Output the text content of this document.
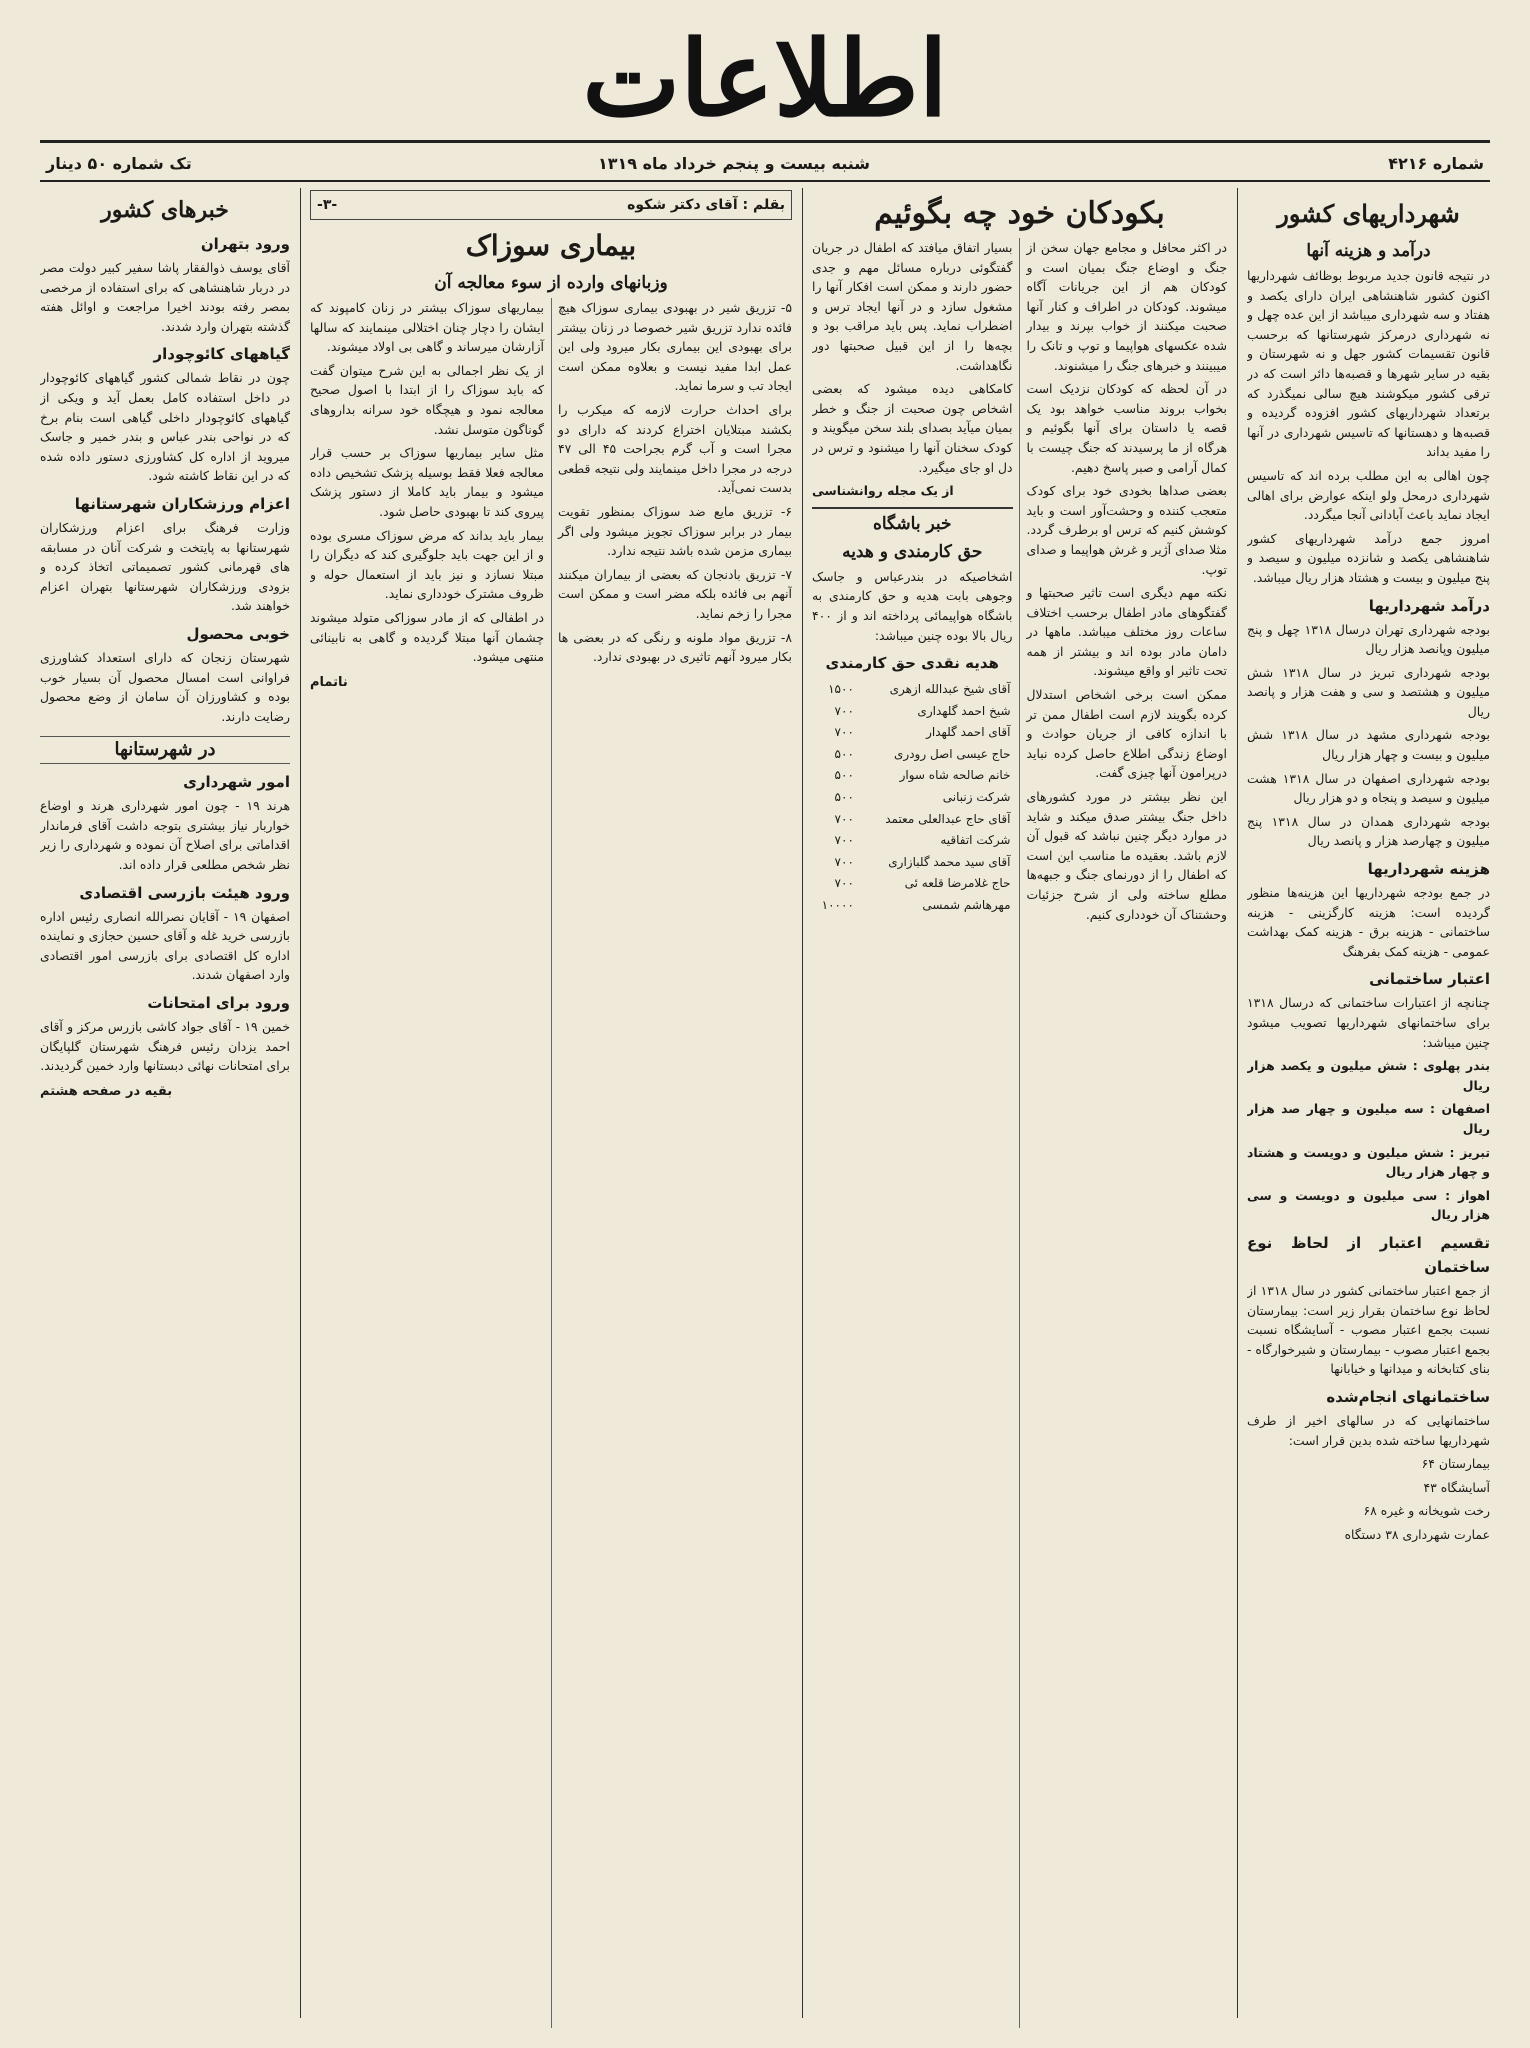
اطلاعات
شماره ۴۲۱۶
شنبه بیست و پنجم خرداد ماه ۱۳۱۹
تک شماره ۵۰ دینار
شهرداریهای کشور
درآمد و هزینه آنها

در نتیجه قانون جدید مربوط بوظائف شهرداریها اکنون کشور شاهنشاهی ایران دارای یکصد و هفتاد و سه شهرداری میباشد از این عده چهل و نه شهرداری درمرکز شهرستانها که برحسب قانون تقسیمات کشور جهل و نه شهرستان و بقیه در سایر شهرها و قصبه‌ها دائر است که در ترقی کشور میکوشند هیچ سالی نمیگذرد که برتعداد شهرداریهای کشور افزوده گردیده و قصبه‌ها و دهستانها که تاسیس شهرداری در آنها را مفید بداند

چون اهالی به این مطلب برده اند که تاسیس شهرداری درمحل ولو اینکه عوارض برای اهالی ایجاد نماید باعث آبادانی آنجا میگردد.

امروز جمع درآمد شهرداریهای کشور شاهنشاهی یکصد و شانزده میلیون و سیصد و پنج میلیون و بیست و هشتاد هزار ریال میباشد.

درآمد شهرداریها

بودجه شهرداری تهران درسال ۱۳۱۸ چهل و پنج میلیون وپانصد هزار ریال

بودجه شهرداری تبریز در سال ۱۳۱۸ شش میلیون و هشتصد و سی و هفت هزار و پانصد ریال

بودجه شهرداری مشهد در سال ۱۳۱۸ شش میلیون و بیست و چهار هزار ریال

بودجه شهرداری اصفهان در سال ۱۳۱۸ هشت میلیون و سیصد و پنجاه و دو هزار ریال

بودجه شهرداری همدان در سال ۱۳۱۸ پنج میلیون و چهارصد هزار و پانصد ریال

هزینه شهرداریها

در جمع بودجه شهرداریها این هزینه‌ها منظور گردیده است: هزینه کارگزینی - هزینه ساختمانی - هزینه برق - هزینه کمک بهداشت عمومی - هزینه کمک بفرهنگ

اعتبار ساختمانی

چنانچه از اعتبارات ساختمانی که درسال ۱۳۱۸ برای ساختمانهای شهرداریها تصویب میشود چنین میباشد:

بندر پهلوی : شش میلیون و یکصد هزار ریال

اصفهان : سه میلیون و چهار صد هزار ریال

تبریز : شش میلیون و دویست و هشتاد و چهار هزار ریال

اهواز : سی میلیون و دویست و سی هزار ریال

تقسیم اعتبار از لحاظ نوع ساختمان

از جمع اعتبار ساختمانی کشور در سال ۱۳۱۸ از لحاظ نوع ساختمان بقرار زیر است: بیمارستان نسبت بجمع اعتبار مصوب - آسایشگاه نسبت بجمع اعتبار مصوب - بیمارستان و شیرخوارگاه - بنای کتابخانه و میدانها و خیابانها

ساختمانهای انجام‌شده

ساختمانهایی که در سالهای اخیر از طرف شهرداریها ساخته شده بدین قرار است:

بیمارستان ۶۴

آسایشگاه ۴۳

رخت شویخانه و غیره ۶۸

عمارت شهرداری ۳۸ دستگاه

بکودکان خود چه بگوئیم

در اکثر محافل و مجامع جهان سخن از جنگ و اوضاع جنگ بمیان است و کودکان هم از این جریانات آگاه میشوند. کودکان در اطراف و کنار آنها صحبت میکنند از خواب بپرند و بیدار شده عکسهای هواپیما و توپ و تانک را میبینند و خبرهای جنگ را میشنوند.

در آن لحظه که کودکان نزدیک است بخواب بروند مناسب خواهد بود یک قصه یا داستان برای آنها بگوئیم و هرگاه از ما پرسیدند که جنگ چیست با کمال آرامی و صبر پاسخ دهیم.

بعضی صداها بخودی خود برای کودک متعجب کننده و وحشت‌آور است و باید کوشش کنیم که ترس او برطرف گردد. مثلا صدای آژیر و غرش هواپیما و صدای توپ.

نکته مهم دیگری است تاثیر صحبتها و گفتگوهای مادر اطفال برحسب اختلاف ساعات روز مختلف میباشد. ماهها در دامان مادر بوده اند و بیشتر از همه تحت تاثیر او واقع میشوند.

ممکن است برخی اشخاص استدلال کرده بگویند لازم است اطفال ممن تر با اندازه کافی از جریان حوادث و اوضاع زندگی اطلاع حاصل کرده نباید درپرامون آنها چیزی گفت.

این نظر بیشتر در مورد کشورهای داخل جنگ بیشتر صدق میکند و شاید در موارد دیگر چنین نباشد که قبول آن لازم باشد. بعقیده ما مناسب این است که اطفال را از دورنمای جنگ و جبهه‌ها مطلع ساخته ولی از شرح جزئیات وحشتناک آن خودداری کنیم.

بسیار اتفاق میافتد که اطفال در جریان گفتگوئی درباره مسائل مهم و جدی حضور دارند و ممکن است افکار آنها را مشغول سازد و در آنها ایجاد ترس و اضطراب نماید. پس باید مراقب بود و بچه‌ها را از این قبیل صحبتها دور نگاهداشت.

کامکاهی دیده میشود که بعضی اشخاص چون صحبت از جنگ و خطر بمیان میآید بصدای بلند سخن میگویند و کودک سخنان آنها را میشنود و ترس در دل او جای میگیرد.

از یک مجله روانشناسی

خبر باشگاه
حق کارمندی و هدیه

اشخاصیکه در بندرعباس و جاسک وجوهی بابت هدیه و حق کارمندی به باشگاه هواپیمائی پرداخته اند و از ۴۰۰ ریال بالا بوده چنین میباشد:

هدیه نقدی حق کارمندی
آقای شیخ عبدالله ازهری	۱۵۰۰
شیخ احمد گلهداری	۷۰۰
آقای احمد گلهدار	۷۰۰
حاج عیسی اصل رودری	۵۰۰
خانم صالحه شاه سوار	۵۰۰
شرکت زنبانی	۵۰۰
آقای حاج عبدالعلی معتمد	۷۰۰
شرکت اتفاقیه	۷۰۰
آقای سید محمد گلبازاری	۷۰۰
حاج غلامرضا قلعه ئی	۷۰۰
مهرهاشم شمسی	۱۰۰۰۰
بقلم : آقای دکتر شکوه
-۳-
بیماری سوزاک
وزبانهای وارده از سوء معالجه آن

۵- تزریق شیر در بهبودی بیماری سوزاک هیچ فائده ندارد تزریق شیر خصوصا در زنان بیشتر برای بهبودی این بیماری بکار میرود ولی این عمل ابدا مفید نیست و بعلاوه ممکن است ایجاد تب و سرما نماید.

برای احداث حرارت لازمه که میکرب را بکشند مبتلایان اختراع کردند که دارای دو مجرا است و آب گرم بجراحت ۴۵ الی ۴۷ درجه در مجرا داخل مینمایند ولی نتیجه قطعی بدست نمی‌آید.

۶- تزریق مایع ضد سوزاک بمنظور تقویت بیمار در برابر سوزاک تجویز میشود ولی اگر بیماری مزمن شده باشد نتیجه ندارد.

۷- تزریق بادنجان که بعضی از بیماران میکنند آنهم بی فائده بلکه مضر است و ممکن است مجرا را زخم نماید.

۸- تزریق مواد ملونه و رنگی که در بعضی ها بکار میرود آنهم تاثیری در بهبودی ندارد.

بیماریهای سوزاک بیشتر در زنان کامپوند که ایشان را دچار چنان اختلالی مینمایند که سالها آزارشان میرساند و گاهی بی اولاد میشوند.

از یک نظر اجمالی به این شرح میتوان گفت که باید سوزاک را از ابتدا با اصول صحیح معالجه نمود و هیچگاه خود سرانه بداروهای گوناگون متوسل نشد.

مثل سایر بیماریها سوزاک بر حسب قرار معالجه فعلا فقط بوسیله پزشک تشخیص داده میشود و بیمار باید کاملا از دستور پزشک پیروی کند تا بهبودی حاصل شود.

بیمار باید بداند که مرض سوزاک مسری بوده و از این جهت باید جلوگیری کند که دیگران را مبتلا نسازد و نیز باید از استعمال حوله و ظروف مشترک خودداری نماید.

در اطفالی که از مادر سوزاکی متولد میشوند چشمان آنها مبتلا گردیده و گاهی به نابینائی منتهی میشود.

ناتمام

خبرهای کشور
ورود بتهران

آقای یوسف ذوالفقار پاشا سفیر کبیر دولت مصر در دربار شاهنشاهی که برای استفاده از مرخصی بمصر رفته بودند اخیرا مراجعت و اوائل هفته گذشته بتهران وارد شدند.

گیاههای کائوچودار

چون در نقاط شمالی کشور گیاههای کائوچودار در داخل استفاده کامل بعمل آید و ویکی از گیاههای کائوچودار داخلی گیاهی است بنام برخ که در نواحی بندر عباس و بندر خمیر و جاسک میروید از اداره کل کشاورزی دستور داده شده که در این نقاط کاشته شود.

اعزام ورزشکاران شهرستانها

وزارت فرهنگ برای اعزام ورزشکاران شهرستانها به پایتخت و شرکت آنان در مسابقه های قهرمانی کشور تصمیماتی اتخاذ کرده و بزودی ورزشکاران شهرستانها بتهران اعزام خواهند شد.

خوبی محصول

شهرستان زنجان که دارای استعداد کشاورزی فراوانی است امسال محصول آن بسیار خوب بوده و کشاورزان آن سامان از وضع محصول رضایت دارند.

در شهرستانها
امور شهرداری

هرند ۱۹ - چون امور شهرداری هرند و اوضاع خواربار نیاز بیشتری بتوجه داشت آقای فرماندار اقداماتی برای اصلاح آن نموده و شهرداری را زیر نظر شخص مطلعی قرار داده اند.

ورود هیئت بازرسی اقتصادی

اصفهان ۱۹ - آقایان نصرالله انصاری رئیس اداره بازرسی خرید غله و آقای حسین حجازی و نماینده اداره کل اقتصادی برای بازرسی امور اقتصادی وارد اصفهان شدند.

ورود برای امتحانات

خمین ۱۹ - آقای جواد کاشی بازرس مرکز و آقای احمد یزدان رئیس فرهنگ شهرستان گلپایگان برای امتحانات نهائی دبستانها وارد خمین گردیدند.

بقیه در صفحه هشتم
